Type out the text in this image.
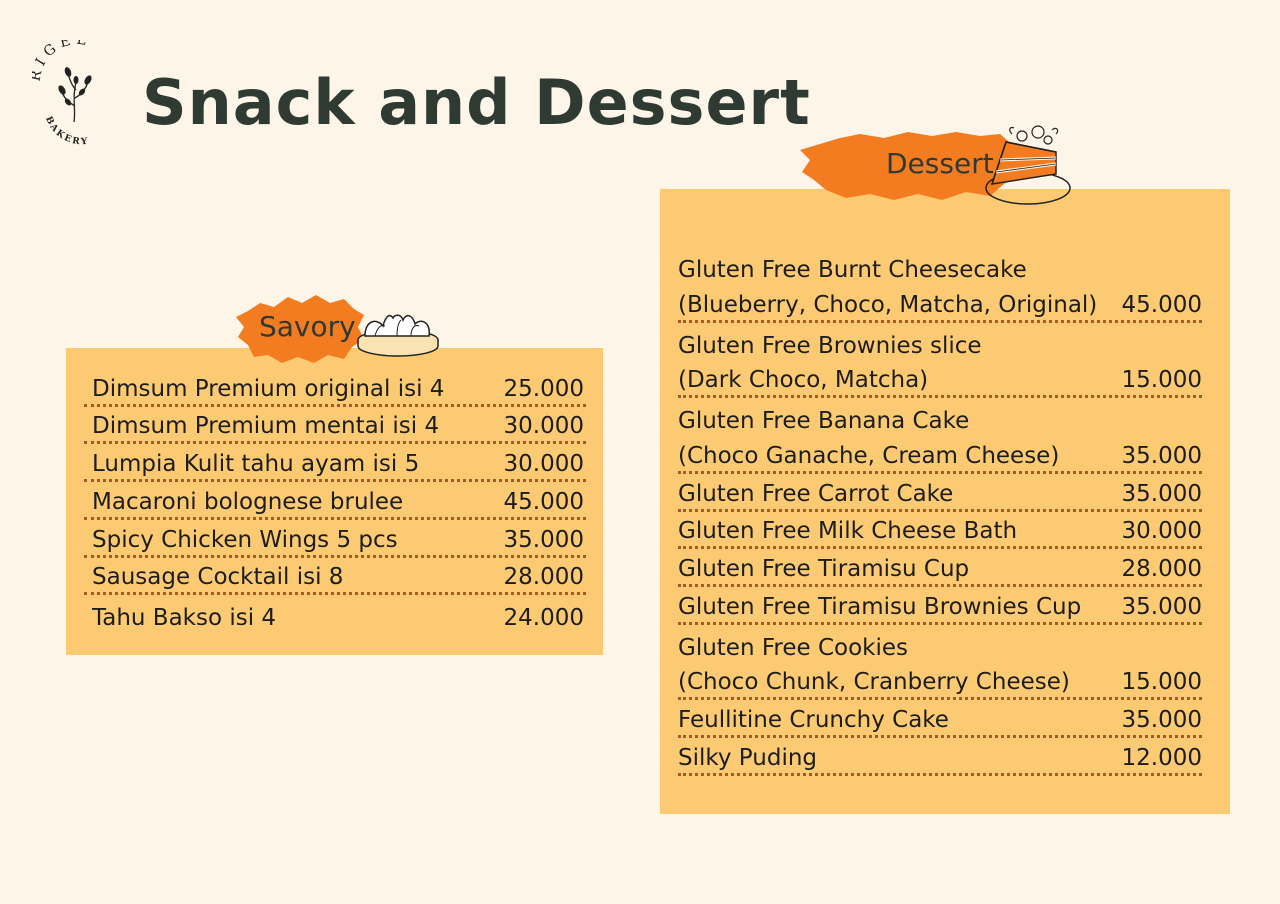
IGEL
BAKERY
Snack and Dessert
Savory
Dimsum Premium original isi 4	25.000
Dimsum Premium mentai isi 4	30.000
Lumpia Kulit tahu ayam isi 5	30.000
Macaroni bolognese brulee	45.000
Spicy Chicken Wings 5 pcs	35.000
Sausage Cocktail isi 8	28.000
Tahu Bakso isi 4	24.000
Dessert
Gluten Free Burnt Cheesecake
(Blueberry, Choco, Matcha, Original) 45.000
Gluten Free Brownies slice
(Dark Choco, Matcha)	15.000
Gluten Free Banana Cake
(Choco Ganache, Cream Cheese)	35.000
Gluten Free Carrot Cake	35.000
Gluten Free Milk Cheese Bath	30.000
Gluten Free Tiramisu Cup	28.000
Gluten Free Tiramisu Brownies Cup 35.000
Gluten Free Cookies
(Choco Chunk, Cranberry Cheese) 15.000
Feullitine Crunchy Cake	35.000
Silky Puding	12.000
